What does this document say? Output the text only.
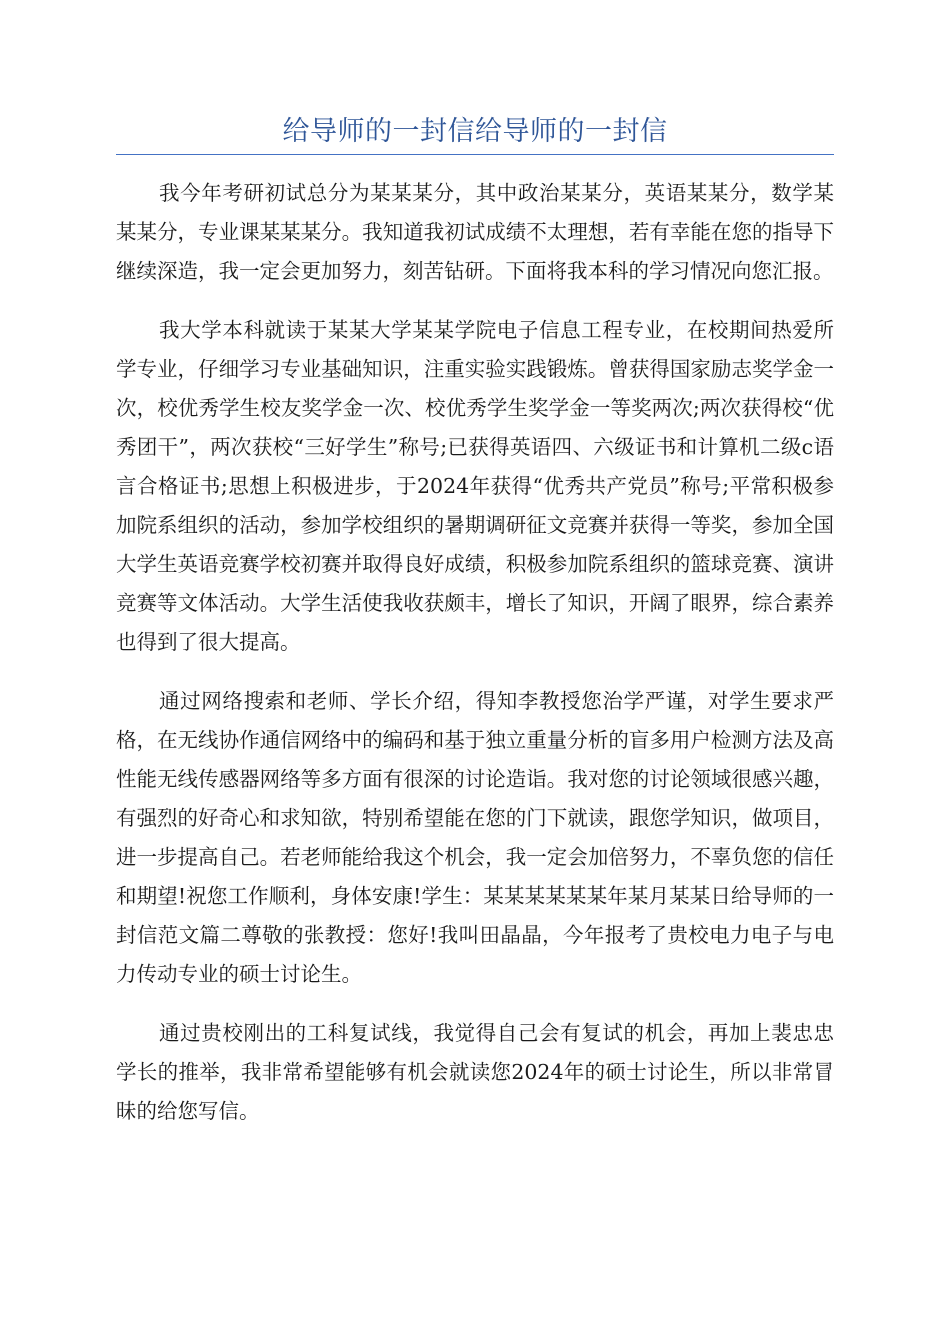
给导师的一封信给导师的一封信

我今年考研初试总分为某某某分，其中政治某某分，英语某某分，数学某某某分，专业课某某某分。我知道我初试成绩不太理想，若有幸能在您的指导下继续深造，我一定会更加努力，刻苦钻研。下面将我本科的学习情况向您汇报。

我大学本科就读于某某大学某某学院电子信息工程专业，在校期间热爱所学专业，仔细学习专业基础知识，注重实验实践锻炼。曾获得国家励志奖学金一次，校优秀学生校友奖学金一次、校优秀学生奖学金一等奖两次;两次获得校“优秀团干”，两次获校“三好学生”称号;已获得英语四、六级证书和计算机二级c语言合格证书;思想上积极进步，于2024年获得“优秀共产党员”称号;平常积极参加院系组织的活动，参加学校组织的暑期调研征文竞赛并获得一等奖，参加全国大学生英语竞赛学校初赛并取得良好成绩，积极参加院系组织的篮球竞赛、演讲竞赛等文体活动。大学生活使我收获颇丰，增长了知识，开阔了眼界，综合素养也得到了很大提高。

通过网络搜索和老师、学长介绍，得知李教授您治学严谨，对学生要求严格，在无线协作通信网络中的编码和基于独立重量分析的盲多用户检测方法及高性能无线传感器网络等多方面有很深的讨论造诣。我对您的讨论领域很感兴趣，有强烈的好奇心和求知欲，特别希望能在您的门下就读，跟您学知识，做项目，进一步提高自己。若老师能给我这个机会，我一定会加倍努力，不辜负您的信任和期望!祝您工作顺利，身体安康!学生：某某某某某某年某月某某日给导师的一封信范文篇二尊敬的张教授：您好!我叫田晶晶，今年报考了贵校电力电子与电力传动专业的硕士讨论生。

通过贵校刚出的工科复试线，我觉得自己会有复试的机会，再加上裴忠忠学长的推举，我非常希望能够有机会就读您2024年的硕士讨论生，所以非常冒昧的给您写信。
